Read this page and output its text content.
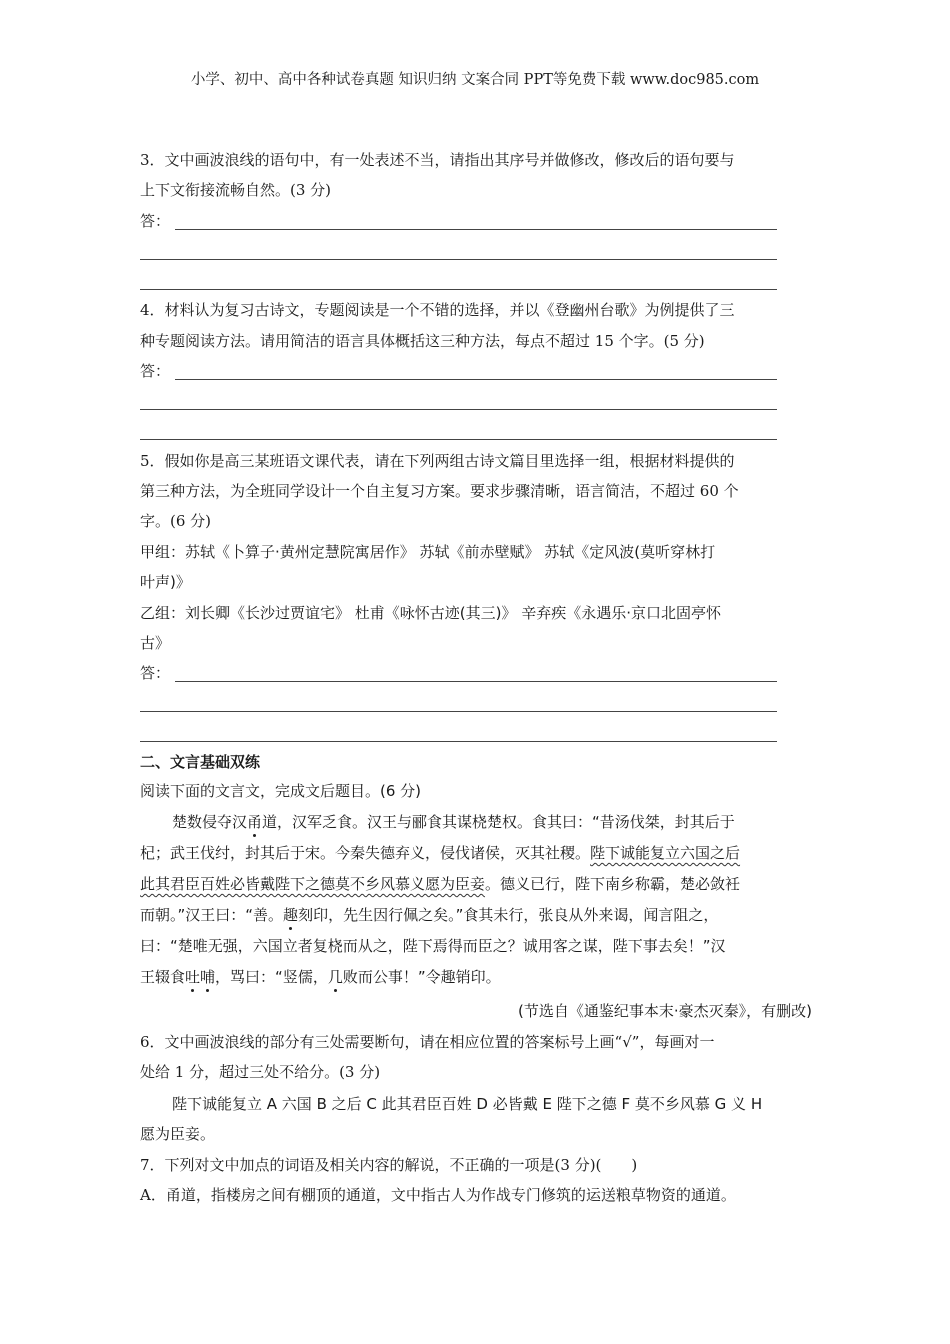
小学、初中、高中各种试卷真题 知识归纳 文案合同 PPT等免费下载 www.doc985.com
3．文中画波浪线的语句中，有一处表述不当，请指出其序号并做修改，修改后的语句要与
上下文衔接流畅自然。(3 分)
答：
4．材料认为复习古诗文，专题阅读是一个不错的选择，并以《登幽州台歌》为例提供了三
种专题阅读方法。请用简洁的语言具体概括这三种方法，每点不超过 15 个字。(5 分)
答：
5．假如你是高三某班语文课代表，请在下列两组古诗文篇目里选择一组，根据材料提供的
第三种方法，为全班同学设计一个自主复习方案。要求步骤清晰，语言简洁，不超过 60 个
字。(6 分)
甲组：苏轼《卜算子·黄州定慧院寓居作》 苏轼《前赤壁赋》 苏轼《定风波(莫听穿林打
叶声)》
乙组：刘长卿《长沙过贾谊宅》 杜甫《咏怀古迹(其三)》 辛弃疾《永遇乐·京口北固亭怀
古》
答：
二、文言基础双练
阅读下面的文言文，完成文后题目。(6 分)
楚数侵夺汉甬道，汉军乏食。汉王与郦食其谋桡楚权。食其曰：“昔汤伐桀，封其后于
杞；武王伐纣，封其后于宋。今秦失德弃义，侵伐诸侯，灭其社稷。陛下诚能复立六国之后
此其君臣百姓必皆戴陛下之德莫不乡风慕义愿为臣妾。德义已行，陛下南乡称霸，楚必敛衽
而朝。”汉王曰：“善。趣刻印，先生因行佩之矣。”食其未行，张良从外来谒，闻言阻之，
曰：“楚唯无强，六国立者复桡而从之，陛下焉得而臣之？诚用客之谋，陛下事去矣！”汉
王辍食吐哺，骂曰：“竖儒，几败而公事！”令趣销印。
(节选自《通鉴纪事本末·豪杰灭秦》，有删改)
6．文中画波浪线的部分有三处需要断句，请在相应位置的答案标号上画“√”，每画对一
处给 1 分，超过三处不给分。(3 分)
陛下诚能复立 A 六国 B 之后 C 此其君臣百姓 D 必皆戴 E 陛下之德 F 莫不乡风慕 G 义 H
愿为臣妾。
7．下列对文中加点的词语及相关内容的解说，不正确的一项是(3 分)(　　)
A．甬道，指楼房之间有棚顶的通道，文中指古人为作战专门修筑的运送粮草物资的通道。
